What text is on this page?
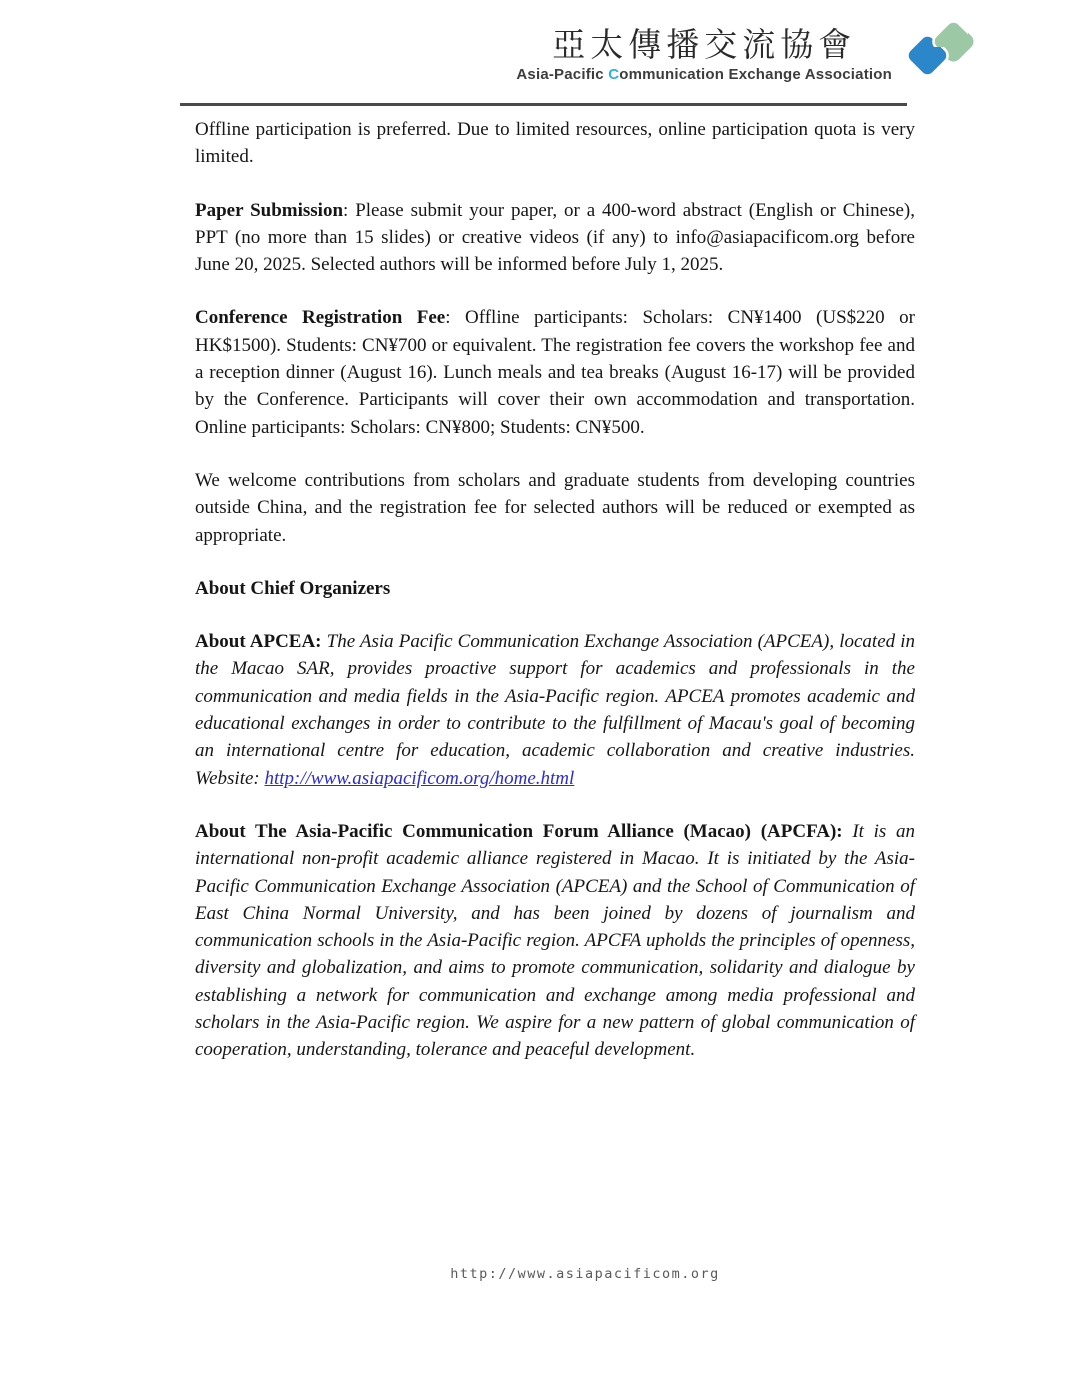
亞太傳播交流協會
Asia-Pacific Communication Exchange Association

Offline participation is preferred. Due to limited resources, online participation quota is very limited.

Paper Submission: Please submit your paper, or a 400-word abstract (English or Chinese), PPT (no more than 15 slides) or creative videos (if any) to info@asiapacificom.org before June 20, 2025. Selected authors will be informed before July 1, 2025.

Conference Registration Fee: Offline participants: Scholars: CN¥1400 (US$220 or HK$1500). Students: CN¥700 or equivalent. The registration fee covers the workshop fee and a reception dinner (August 16). Lunch meals and tea breaks (August 16-17) will be provided by the Conference. Participants will cover their own accommodation and transportation. Online participants: Scholars: CN¥800; Students: CN¥500.

We welcome contributions from scholars and graduate students from developing countries outside China, and the registration fee for selected authors will be reduced or exempted as appropriate.

About Chief Organizers

About APCEA: The Asia Pacific Communication Exchange Association (APCEA), located in the Macao SAR, provides proactive support for academics and professionals in the communication and media fields in the Asia-Pacific region. APCEA promotes academic and educational exchanges in order to contribute to the fulfillment of Macau's goal of becoming an international centre for education, academic collaboration and creative industries. Website: http://www.asiapacificom.org/home.html

About The Asia-Pacific Communication Forum Alliance (Macao) (APCFA): It is an international non-profit academic alliance registered in Macao. It is initiated by the Asia-Pacific Communication Exchange Association (APCEA) and the School of Communication of East China Normal University, and has been joined by dozens of journalism and communication schools in the Asia-Pacific region. APCFA upholds the principles of openness, diversity and globalization, and aims to promote communication, solidarity and dialogue by establishing a network for communication and exchange among media professional and scholars in the Asia-Pacific region. We aspire for a new pattern of global communication of cooperation, understanding, tolerance and peaceful development.

http://www.asiapacificom.org
